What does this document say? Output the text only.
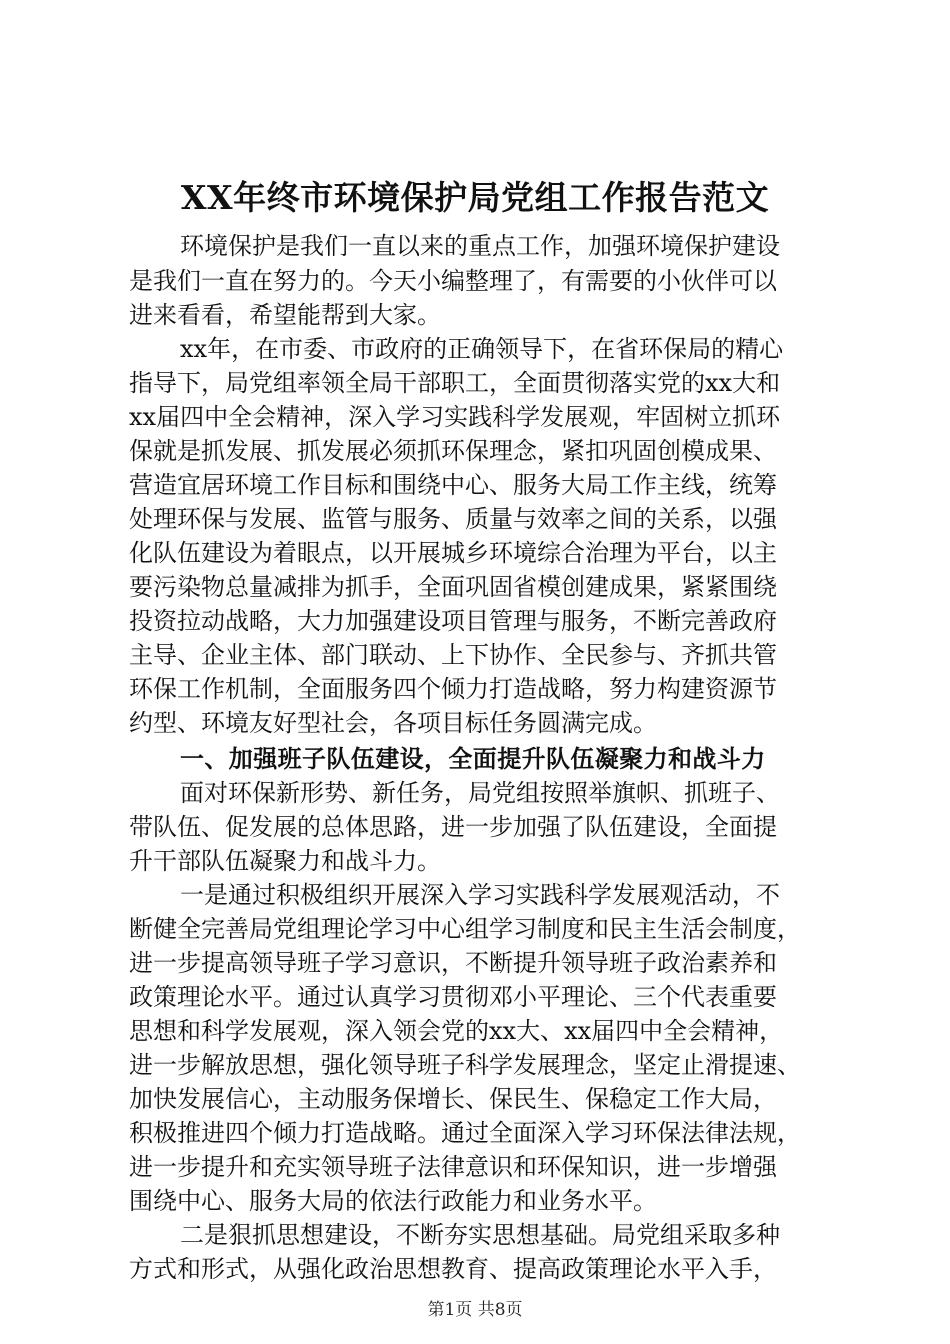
XX年终市环境保护局党组工作报告范文
环境保护是我们一直以来的重点工作，加强环境保护建设
是我们一直在努力的。今天小编整理了，有需要的小伙伴可以
进来看看，希望能帮到大家。
xx年，在市委、市政府的正确领导下，在省环保局的精心
指导下，局党组率领全局干部职工，全面贯彻落实党的xx大和
xx届四中全会精神，深入学习实践科学发展观，牢固树立抓环
保就是抓发展、抓发展必须抓环保理念，紧扣巩固创模成果、
营造宜居环境工作目标和围绕中心、服务大局工作主线，统筹
处理环保与发展、监管与服务、质量与效率之间的关系，以强
化队伍建设为着眼点，以开展城乡环境综合治理为平台，以主
要污染物总量减排为抓手，全面巩固省模创建成果，紧紧围绕
投资拉动战略，大力加强建设项目管理与服务，不断完善政府
主导、企业主体、部门联动、上下协作、全民参与、齐抓共管
环保工作机制，全面服务四个倾力打造战略，努力构建资源节
约型、环境友好型社会，各项目标任务圆满完成。
一、加强班子队伍建设，全面提升队伍凝聚力和战斗力
面对环保新形势、新任务，局党组按照举旗帜、抓班子、
带队伍、促发展的总体思路，进一步加强了队伍建设，全面提
升干部队伍凝聚力和战斗力。
一是通过积极组织开展深入学习实践科学发展观活动，不
断健全完善局党组理论学习中心组学习制度和民主生活会制度，
进一步提高领导班子学习意识，不断提升领导班子政治素养和
政策理论水平。通过认真学习贯彻邓小平理论、三个代表重要
思想和科学发展观，深入领会党的xx大、xx届四中全会精神，
进一步解放思想，强化领导班子科学发展理念，坚定止滑提速、
加快发展信心，主动服务保增长、保民生、保稳定工作大局，
积极推进四个倾力打造战略。通过全面深入学习环保法律法规，
进一步提升和充实领导班子法律意识和环保知识，进一步增强
围绕中心、服务大局的依法行政能力和业务水平。
二是狠抓思想建设，不断夯实思想基础。局党组采取多种
方式和形式，从强化政治思想教育、提高政策理论水平入手，
第1页 共8页
